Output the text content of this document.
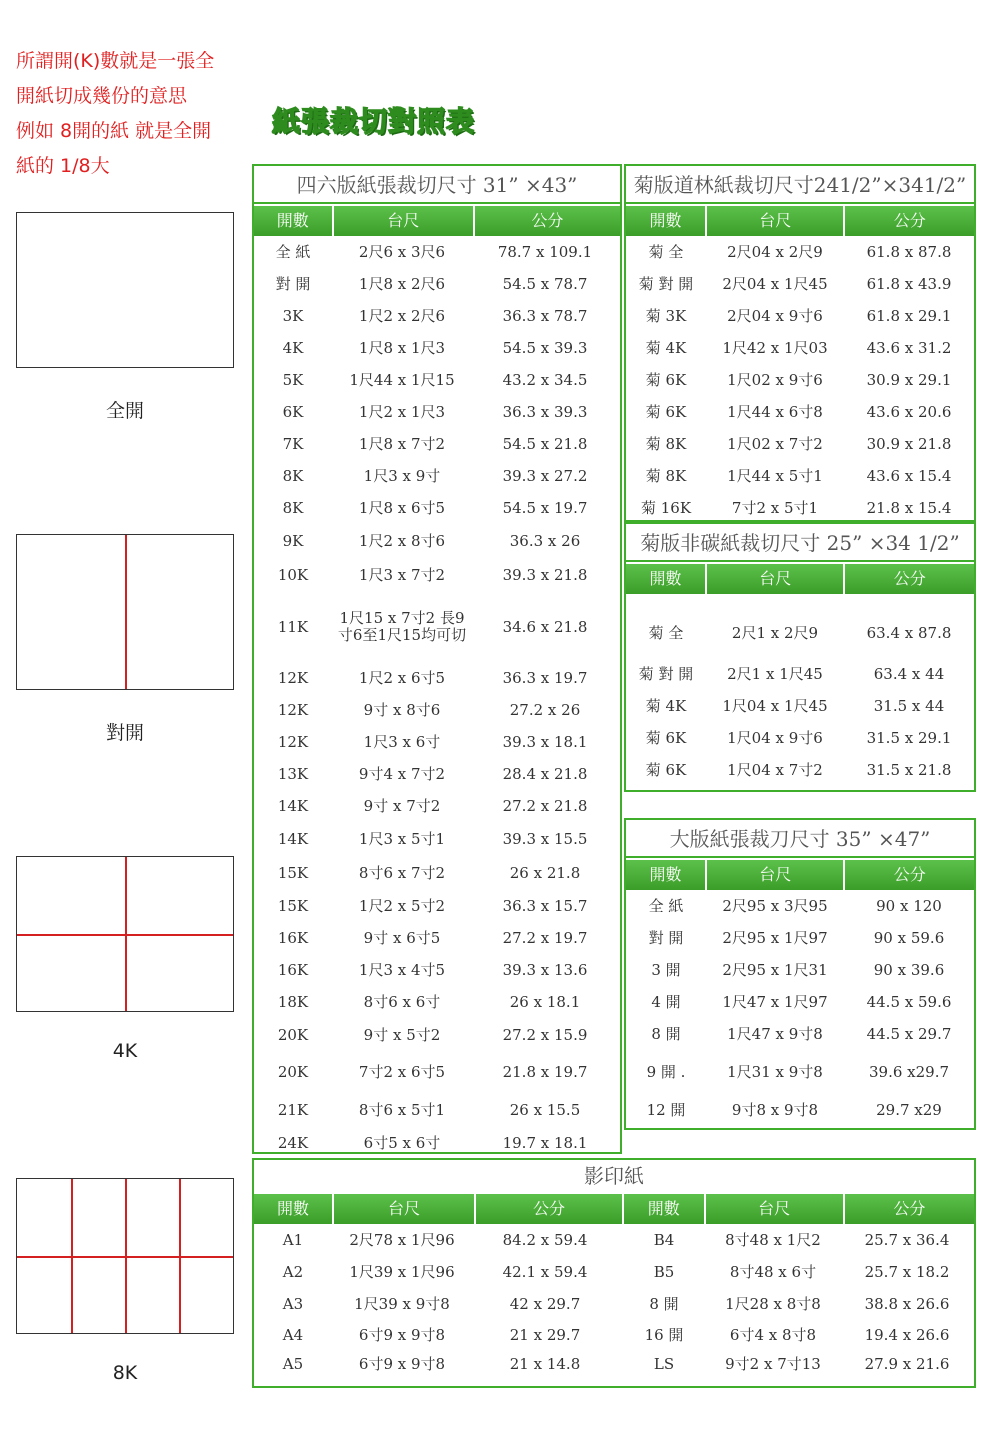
所謂開(K)數就是一張全
開紙切成幾份的意思
例如 8開的紙 就是全開
紙的 1/8大
紙張裁切對照表
全開
對開
4K
8K
四六版紙張裁切尺寸 31” ×43”
開數	台尺	公分
全 紙	2尺6 x 3尺6	78.7 x 109.1
對 開	1尺8 x 2尺6	54.5 x 78.7
3K	1尺2 x 2尺6	36.3 x 78.7
4K	1尺8 x 1尺3	54.5 x 39.3
5K	1尺44 x 1尺15	43.2 x 34.5
6K	1尺2 x 1尺3	36.3 x 39.3
7K	1尺8 x 7寸2	54.5 x 21.8
8K	1尺3 x 9寸	39.3 x 27.2
8K	1尺8 x 6寸5	54.5 x 19.7
9K	1尺2 x 8寸6	36.3 x 26
10K	1尺3 x 7寸2	39.3 x 21.8
11K	1尺15 x 7寸2 長9寸6至1尺15均可切	34.6 x 21.8
12K	1尺2 x 6寸5	36.3 x 19.7
12K	9寸 x 8寸6	27.2 x 26
12K	1尺3 x 6寸	39.3 x 18.1
13K	9寸4 x 7寸2	28.4 x 21.8
14K	9寸 x 7寸2	27.2 x 21.8
14K	1尺3 x 5寸1	39.3 x 15.5
15K	8寸6 x 7寸2	26 x 21.8
15K	1尺2 x 5寸2	36.3 x 15.7
16K	9寸 x 6寸5	27.2 x 19.7
16K	1尺3 x 4寸5	39.3 x 13.6
18K	8寸6 x 6寸	26 x 18.1
20K	9寸 x 5寸2	27.2 x 15.9
20K	7寸2 x 6寸5	21.8 x 19.7
21K	8寸6 x 5寸1	26 x 15.5
24K	6寸5 x 6寸	19.7 x 18.1
菊版道林紙裁切尺寸241/2”×341/2”
開數	台尺	公分
菊 全	2尺04 x 2尺9	61.8 x 87.8
菊 對 開	2尺04 x 1尺45	61.8 x 43.9
菊 3K	2尺04 x 9寸6	61.8 x 29.1
菊 4K	1尺42 x 1尺03	43.6 x 31.2
菊 6K	1尺02 x 9寸6	30.9 x 29.1
菊 6K	1尺44 x 6寸8	43.6 x 20.6
菊 8K	1尺02 x 7寸2	30.9 x 21.8
菊 8K	1尺44 x 5寸1	43.6 x 15.4
菊 16K	7寸2 x 5寸1	21.8 x 15.4
菊版非碳紙裁切尺寸 25” ×34 1/2”
開數	台尺	公分
菊 全	2尺1 x 2尺9	63.4 x 87.8
菊 對 開	2尺1 x 1尺45	63.4 x 44
菊 4K	1尺04 x 1尺45	31.5 x 44
菊 6K	1尺04 x 9寸6	31.5 x 29.1
菊 6K	1尺04 x 7寸2	31.5 x 21.8
大版紙張裁刀尺寸 35” ×47”
開數	台尺	公分
全 紙	2尺95 x 3尺95	90 x 120
對 開	2尺95 x 1尺97	90 x 59.6
3 開	2尺95 x 1尺31	90 x 39.6
4 開	1尺47 x 1尺97	44.5 x 59.6
8 開	1尺47 x 9寸8	44.5 x 29.7
9 開 .	1尺31 x 9寸8	39.6 x29.7
12 開	9寸8 x 9寸8	29.7 x29
影印紙
開數	台尺	公分
A1	2尺78 x 1尺96	84.2 x 59.4
A2	1尺39 x 1尺96	42.1 x 59.4
A3	1尺39 x 9寸8	42 x 29.7
A4	6寸9 x 9寸8	21 x 29.7
A5	6寸9 x 9寸8	21 x 14.8
開數	台尺	公分
B4	8寸48 x 1尺2	25.7 x 36.4
B5	8寸48 x 6寸	25.7 x 18.2
8 開	1尺28 x 8寸8	38.8 x 26.6
16 開	6寸4 x 8寸8	19.4 x 26.6
LS	9寸2 x 7寸13	27.9 x 21.6
